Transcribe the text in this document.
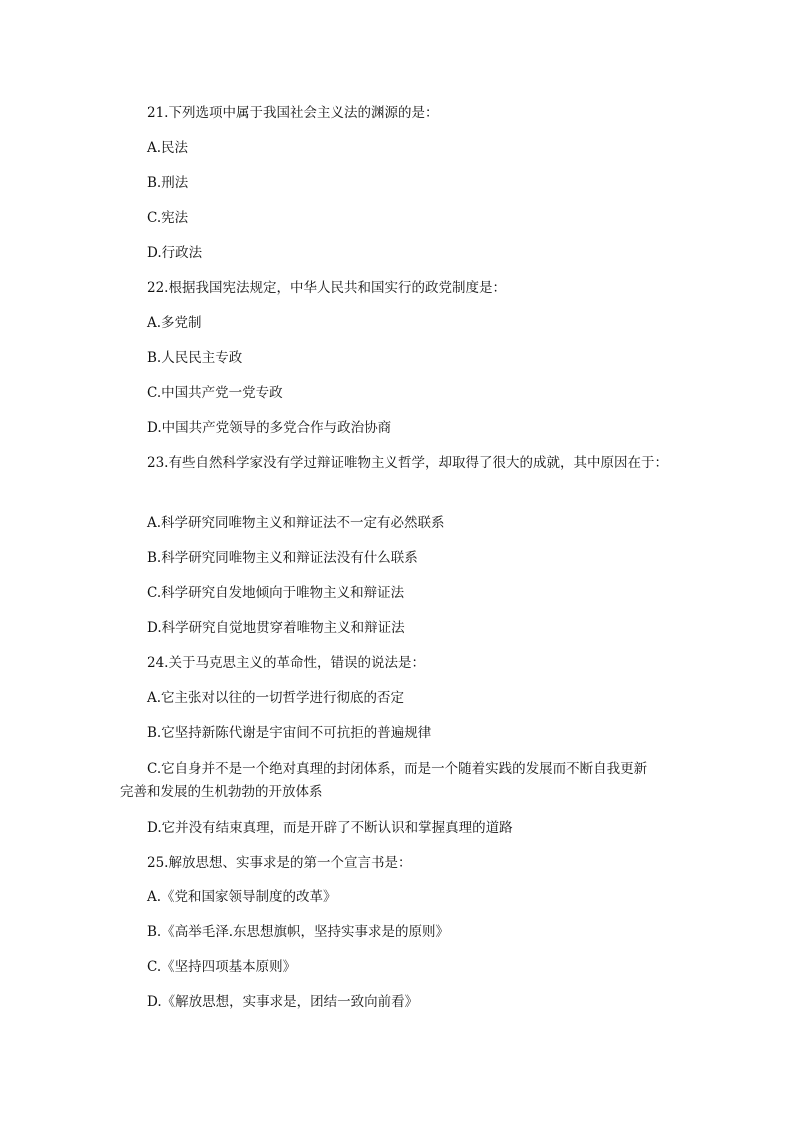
21.下列选项中属于我国社会主义法的渊源的是：
A.民法
B.刑法
C.宪法
D.行政法
22.根据我国宪法规定，中华人民共和国实行的政党制度是：
A.多党制
B.人民民主专政
C.中国共产党一党专政
D.中国共产党领导的多党合作与政治协商
23.有些自然科学家没有学过辩证唯物主义哲学，却取得了很大的成就，其中原因在于：
A.科学研究同唯物主义和辩证法不一定有必然联系
B.科学研究同唯物主义和辩证法没有什么联系
C.科学研究自发地倾向于唯物主义和辩证法
D.科学研究自觉地贯穿着唯物主义和辩证法
24.关于马克思主义的革命性，错误的说法是：
A.它主张对以往的一切哲学进行彻底的否定
B.它坚持新陈代谢是宇宙间不可抗拒的普遍规律
C.它自身并不是一个绝对真理的封闭体系，而是一个随着实践的发展而不断自我更新
完善和发展的生机勃勃的开放体系
D.它并没有结束真理，而是开辟了不断认识和掌握真理的道路
25.解放思想、实事求是的第一个宣言书是：
A.《党和国家领导制度的改革》
B.《高举毛泽.东思想旗帜，坚持实事求是的原则》
C.《坚持四项基本原则》
D.《解放思想，实事求是，团结一致向前看》
